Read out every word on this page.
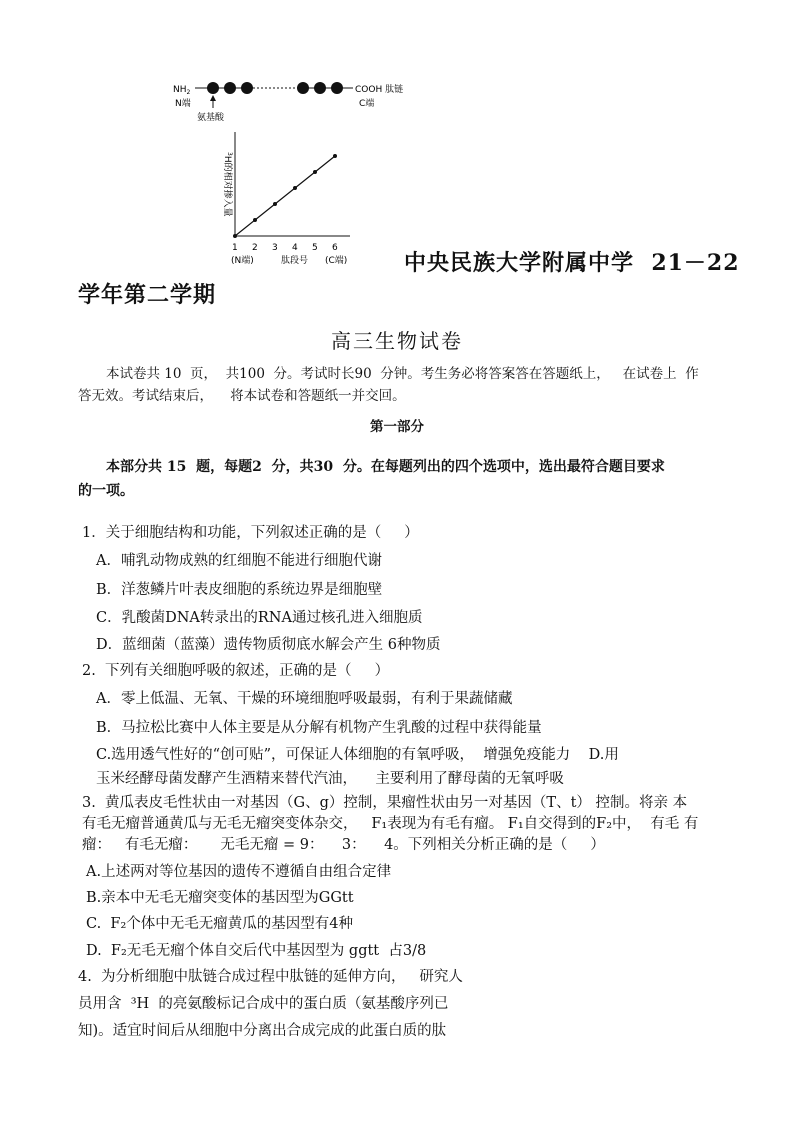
$NH_2$	COOH 肽链
N端	C端
氨基酸
$^3$H的相对掺入量
1 2 3 4 5 6
(N端)	肽段号 (C端)	中央民族大学附属中学  21－22
学年第二学期
高三生物试卷
本试卷共 10  页，  共100  分。考试时长90  分钟。考生务必将答案答在答题纸上，   在试卷上  作
答无效。考试结束后，    将本试卷和答题纸一并交回。
第一部分
本部分共 15  题，每题2  分，共30  分。在每题列出的四个选项中，选出最符合题目要求
的一项。
1．关于细胞结构和功能，下列叙述正确的是（     ）
A．哺乳动物成熟的红细胞不能进行细胞代谢
B．洋葱鳞片叶表皮细胞的系统边界是细胞壁
C．乳酸菌DNA转录出的RNA通过核孔进入细胞质
D．蓝细菌（蓝藻）遗传物质彻底水解会产生 6种物质
2.  下列有关细胞呼吸的叙述，正确的是（     ）
A．零上低温、无氧、干燥的环境细胞呼吸最弱，有利于果蔬储藏
B．马拉松比赛中人体主要是从分解有机物产生乳酸的过程中获得能量
C.选用透气性好的“创可贴”，可保证人体细胞的有氧呼吸，  增强免疫能力    D.用
玉米经酵母菌发酵产生酒精来替代汽油，    主要利用了酵母菌的无氧呼吸
3.  黄瓜表皮毛性状由一对基因（G、g）控制，果瘤性状由另一对基因（T、t） 控制。将亲 本
有毛无瘤普通黄瓜与无毛无瘤突变体杂交，   F₁表现为有毛有瘤。 F₁自交得到的F₂中，  有毛 有
瘤：   有毛无瘤：     无毛无瘤 = 9：    3：    4。下列相关分析正确的是（     ）
A.上述两对等位基因的遗传不遵循自由组合定律
B.亲本中无毛无瘤突变体的基因型为GGtt
C.  F₂个体中无毛无瘤黄瓜的基因型有4种
D.  F₂无毛无瘤个体自交后代中基因型为 ggtt  占3/8
4.  为分析细胞中肽链合成过程中肽链的延伸方向，   研究人
员用含  ³H  的亮氨酸标记合成中的蛋白质（氨基酸序列已
知)。适宜时间后从细胞中分离出合成完成的此蛋白质的肽
